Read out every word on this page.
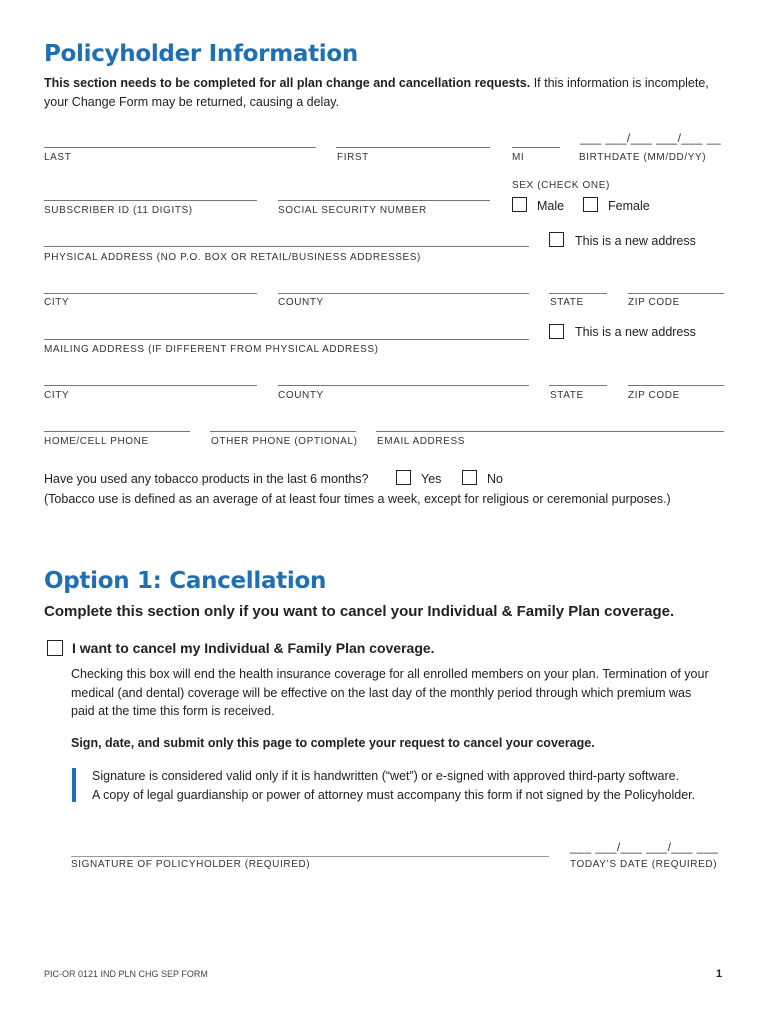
Policyholder Information
This section needs to be completed for all plan change and cancellation requests. If this information is incomplete,
your Change Form may be returned, causing a delay.
___ ___/___ ___/___ __
LAST	FIRST	MI	BIRTHDATE (MM/DD/YY)
SEX (CHECK ONE)
Male	Female
SUBSCRIBER ID (11 DIGITS)	SOCIAL SECURITY NUMBER
This is a new address
PHYSICAL ADDRESS (NO P.O. BOX OR RETAIL/BUSINESS ADDRESSES)
CITY	COUNTY	STATE	ZIP CODE
This is a new address
MAILING ADDRESS (IF DIFFERENT FROM PHYSICAL ADDRESS)
CITY	COUNTY	STATE	ZIP CODE
HOME/CELL PHONE	OTHER PHONE (OPTIONAL) EMAIL ADDRESS
Have you used any tobacco products in the last 6 months?	Yes	No
(Tobacco use is defined as an average of at least four times a week, except for religious or ceremonial purposes.)
Option 1: Cancellation
Complete this section only if you want to cancel your Individual & Family Plan coverage.
I want to cancel my Individual & Family Plan coverage.
Checking this box will end the health insurance coverage for all enrolled members on your plan. Termination of your
medical (and dental) coverage will be effective on the last day of the monthly period through which premium was
paid at the time this form is received.
Sign, date, and submit only this page to complete your request to cancel your coverage.
Signature is considered valid only if it is handwritten (“wet”) or e-signed with approved third-party software.
A copy of legal guardianship or power of attorney must accompany this form if not signed by the Policyholder.
___ ___/___ ___/___ ___
SIGNATURE OF POLICYHOLDER (REQUIRED)	TODAY’S DATE (REQUIRED)
PIC-OR 0121 IND PLN CHG SEP FORM	1
